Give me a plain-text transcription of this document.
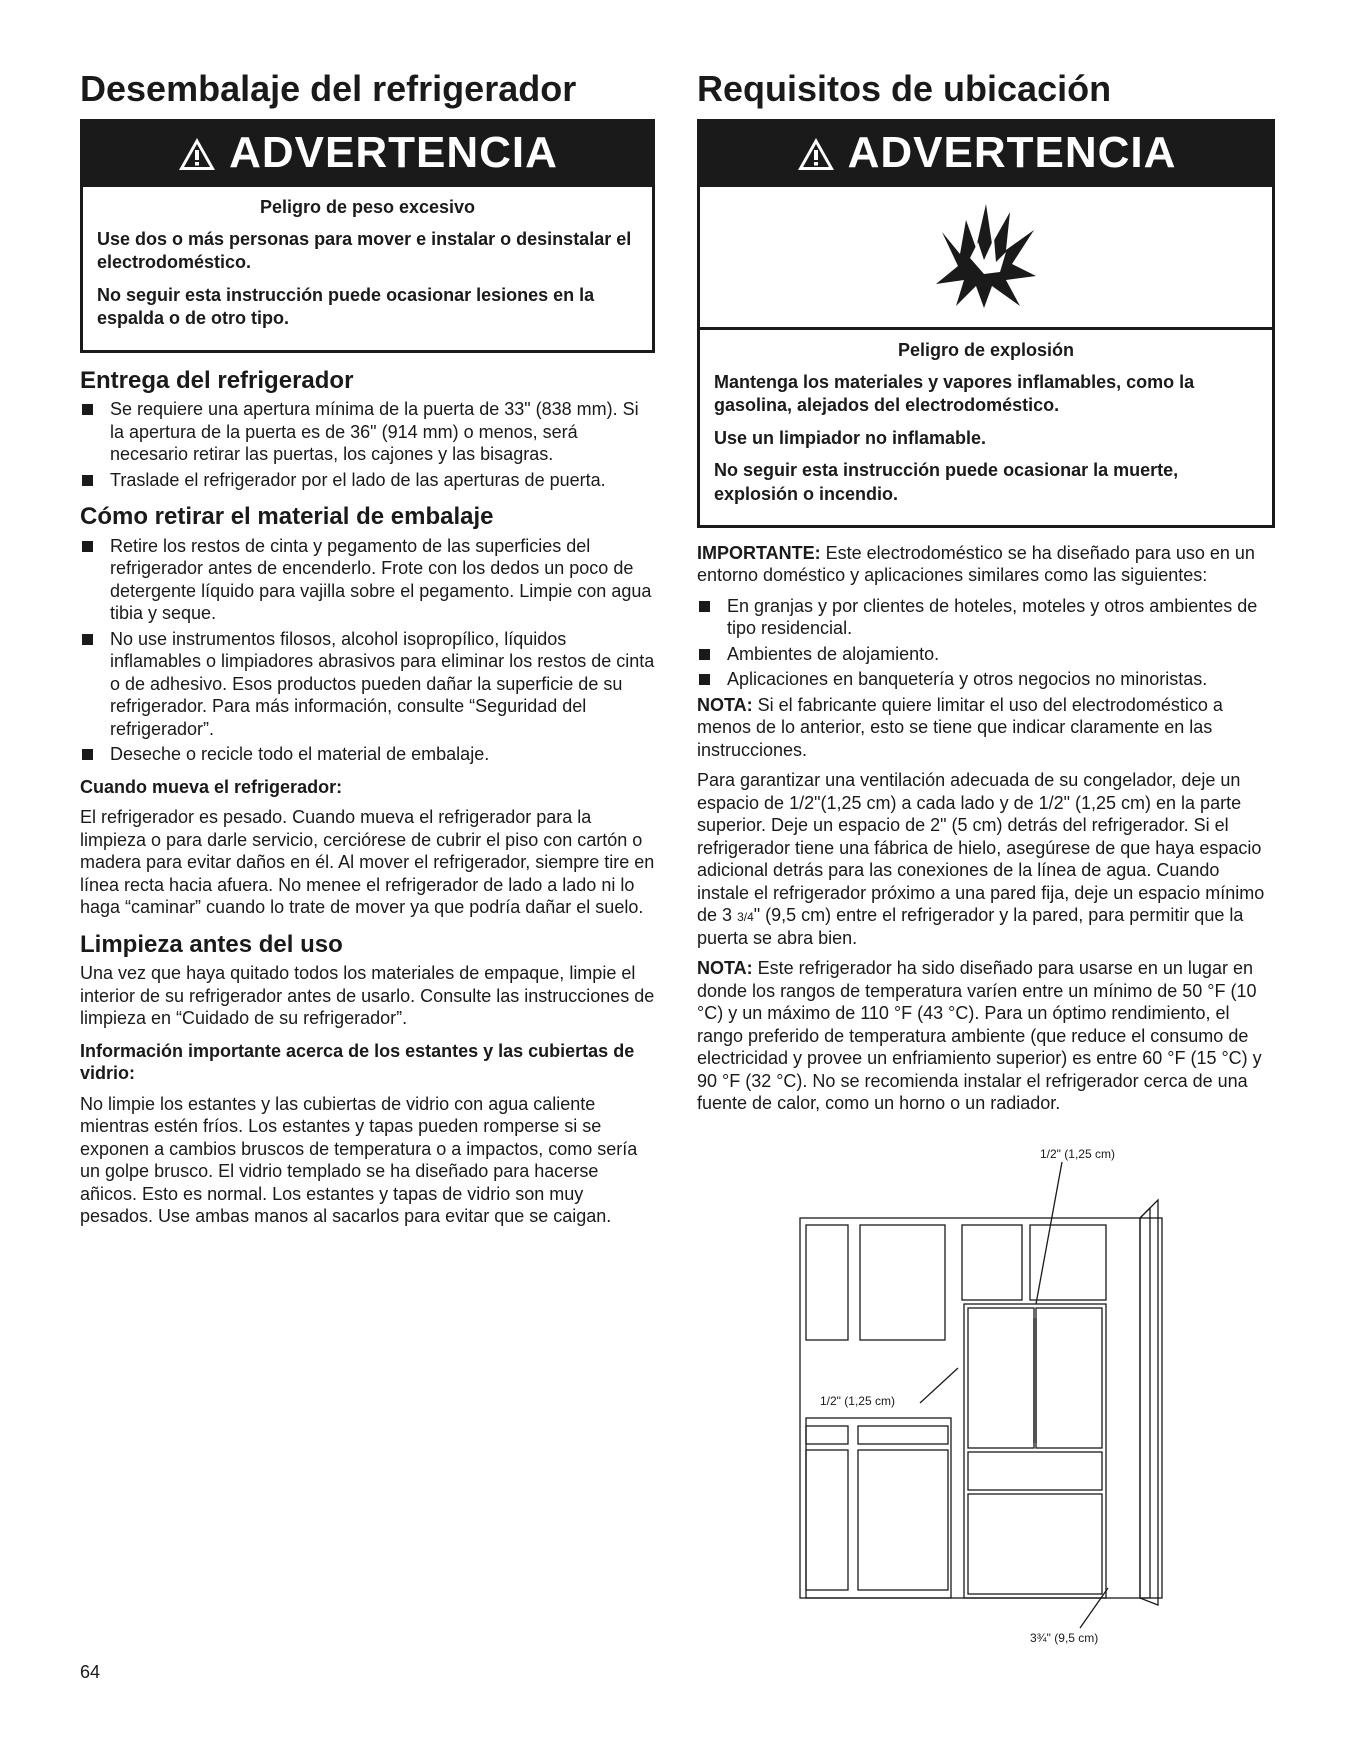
Desembalaje del refrigerador
ADVERTENCIA
Peligro de peso excesivo

Use dos o más personas para mover e instalar o desinstalar el electrodoméstico.

No seguir esta instrucción puede ocasionar lesiones en la espalda o de otro tipo.

Entrega del refrigerador
Se requiere una apertura mínima de la puerta de 33" (838 mm). Si la apertura de la puerta es de 36" (914 mm) o menos, será necesario retirar las puertas, los cajones y las bisagras.
Traslade el refrigerador por el lado de las aperturas de puerta.
Cómo retirar el material de embalaje
Retire los restos de cinta y pegamento de las superficies del refrigerador antes de encenderlo. Frote con los dedos un poco de detergente líquido para vajilla sobre el pegamento. Limpie con agua tibia y seque.
No use instrumentos filosos, alcohol isopropílico, líquidos inflamables o limpiadores abrasivos para eliminar los restos de cinta o de adhesivo. Esos productos pueden dañar la superficie de su refrigerador. Para más información, consulte “Seguridad del refrigerador”.
Deseche o recicle todo el material de embalaje.
Cuando mueva el refrigerador:

El refrigerador es pesado. Cuando mueva el refrigerador para la limpieza o para darle servicio, cerciórese de cubrir el piso con cartón o madera para evitar daños en él. Al mover el refrigerador, siempre tire en línea recta hacia afuera. No menee el refrigerador de lado a lado ni lo haga “caminar” cuando lo trate de mover ya que podría dañar el suelo.

Limpieza antes del uso

Una vez que haya quitado todos los materiales de empaque, limpie el interior de su refrigerador antes de usarlo. Consulte las instrucciones de limpieza en “Cuidado de su refrigerador”.

Información importante acerca de los estantes y las cubiertas de vidrio:

No limpie los estantes y las cubiertas de vidrio con agua caliente mientras estén fríos. Los estantes y tapas pueden romperse si se exponen a cambios bruscos de temperatura o a impactos, como sería un golpe brusco. El vidrio templado se ha diseñado para hacerse añicos. Esto es normal. Los estantes y tapas de vidrio son muy pesados. Use ambas manos al sacarlos para evitar que se caigan.

64
Requisitos de ubicación
ADVERTENCIA
Peligro de explosión

Mantenga los materiales y vapores inflamables, como la gasolina, alejados del electrodoméstico.

Use un limpiador no inflamable.

No seguir esta instrucción puede ocasionar la muerte, explosión o incendio.

IMPORTANTE: Este electrodoméstico se ha diseñado para uso en un entorno doméstico y aplicaciones similares como las siguientes:

En granjas y por clientes de hoteles, moteles y otros ambientes de tipo residencial.
Ambientes de alojamiento.
Aplicaciones en banquetería y otros negocios no minoristas.

NOTA: Si el fabricante quiere limitar el uso del electrodoméstico a menos de lo anterior, esto se tiene que indicar claramente en las instrucciones.

Para garantizar una ventilación adecuada de su congelador, deje un espacio de 1/2"(1,25 cm) a cada lado y de 1/2" (1,25 cm) en la parte superior. Deje un espacio de 2" (5 cm) detrás del refrigerador. Si el refrigerador tiene una fábrica de hielo, asegúrese de que haya espacio adicional detrás para las conexiones de la línea de agua. Cuando instale el refrigerador próximo a una pared fija, deje un espacio mínimo de 3 3/4" (9,5 cm) entre el refrigerador y la pared, para permitir que la puerta se abra bien.

NOTA: Este refrigerador ha sido diseñado para usarse en un lugar en donde los rangos de temperatura varíen entre un mínimo de 50 °F (10 °C) y un máximo de 110 °F (43 °C). Para un óptimo rendimiento, el rango preferido de temperatura ambiente (que reduce el consumo de electricidad y provee un enfriamiento superior) es entre 60 °F (15 °C) y 90 °F (32 °C). No se recomienda instalar el refrigerador cerca de una fuente de calor, como un horno o un radiador.

1/2" (1,25 cm)
1/2" (1,25 cm)
3¾" (9,5 cm)
